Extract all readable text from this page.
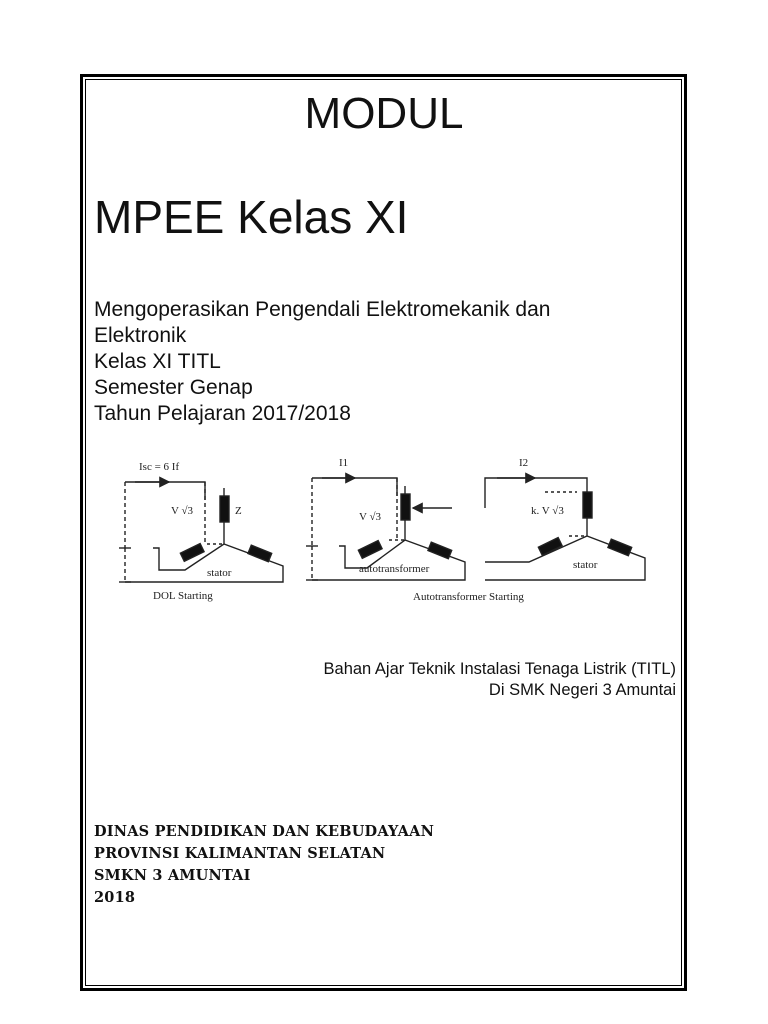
MODUL
MPEE Kelas XI
Mengoperasikan Pengendali Elektromekanik dan
Elektronik
Kelas XI TITL
Semester Genap
Tahun Pelajaran 2017/2018
Isc = 6 If
V √3	Z
stator
DOL Starting
I1
V √3
autotransformer
I2
k. V √3
stator
Autotransformer Starting
Bahan Ajar Teknik Instalasi Tenaga Listrik (TITL)
Di SMK Negeri 3 Amuntai
DINAS PENDIDIKAN DAN KEBUDAYAAN
PROVINSI KALIMANTAN SELATAN
SMKN 3 AMUNTAI
2018
